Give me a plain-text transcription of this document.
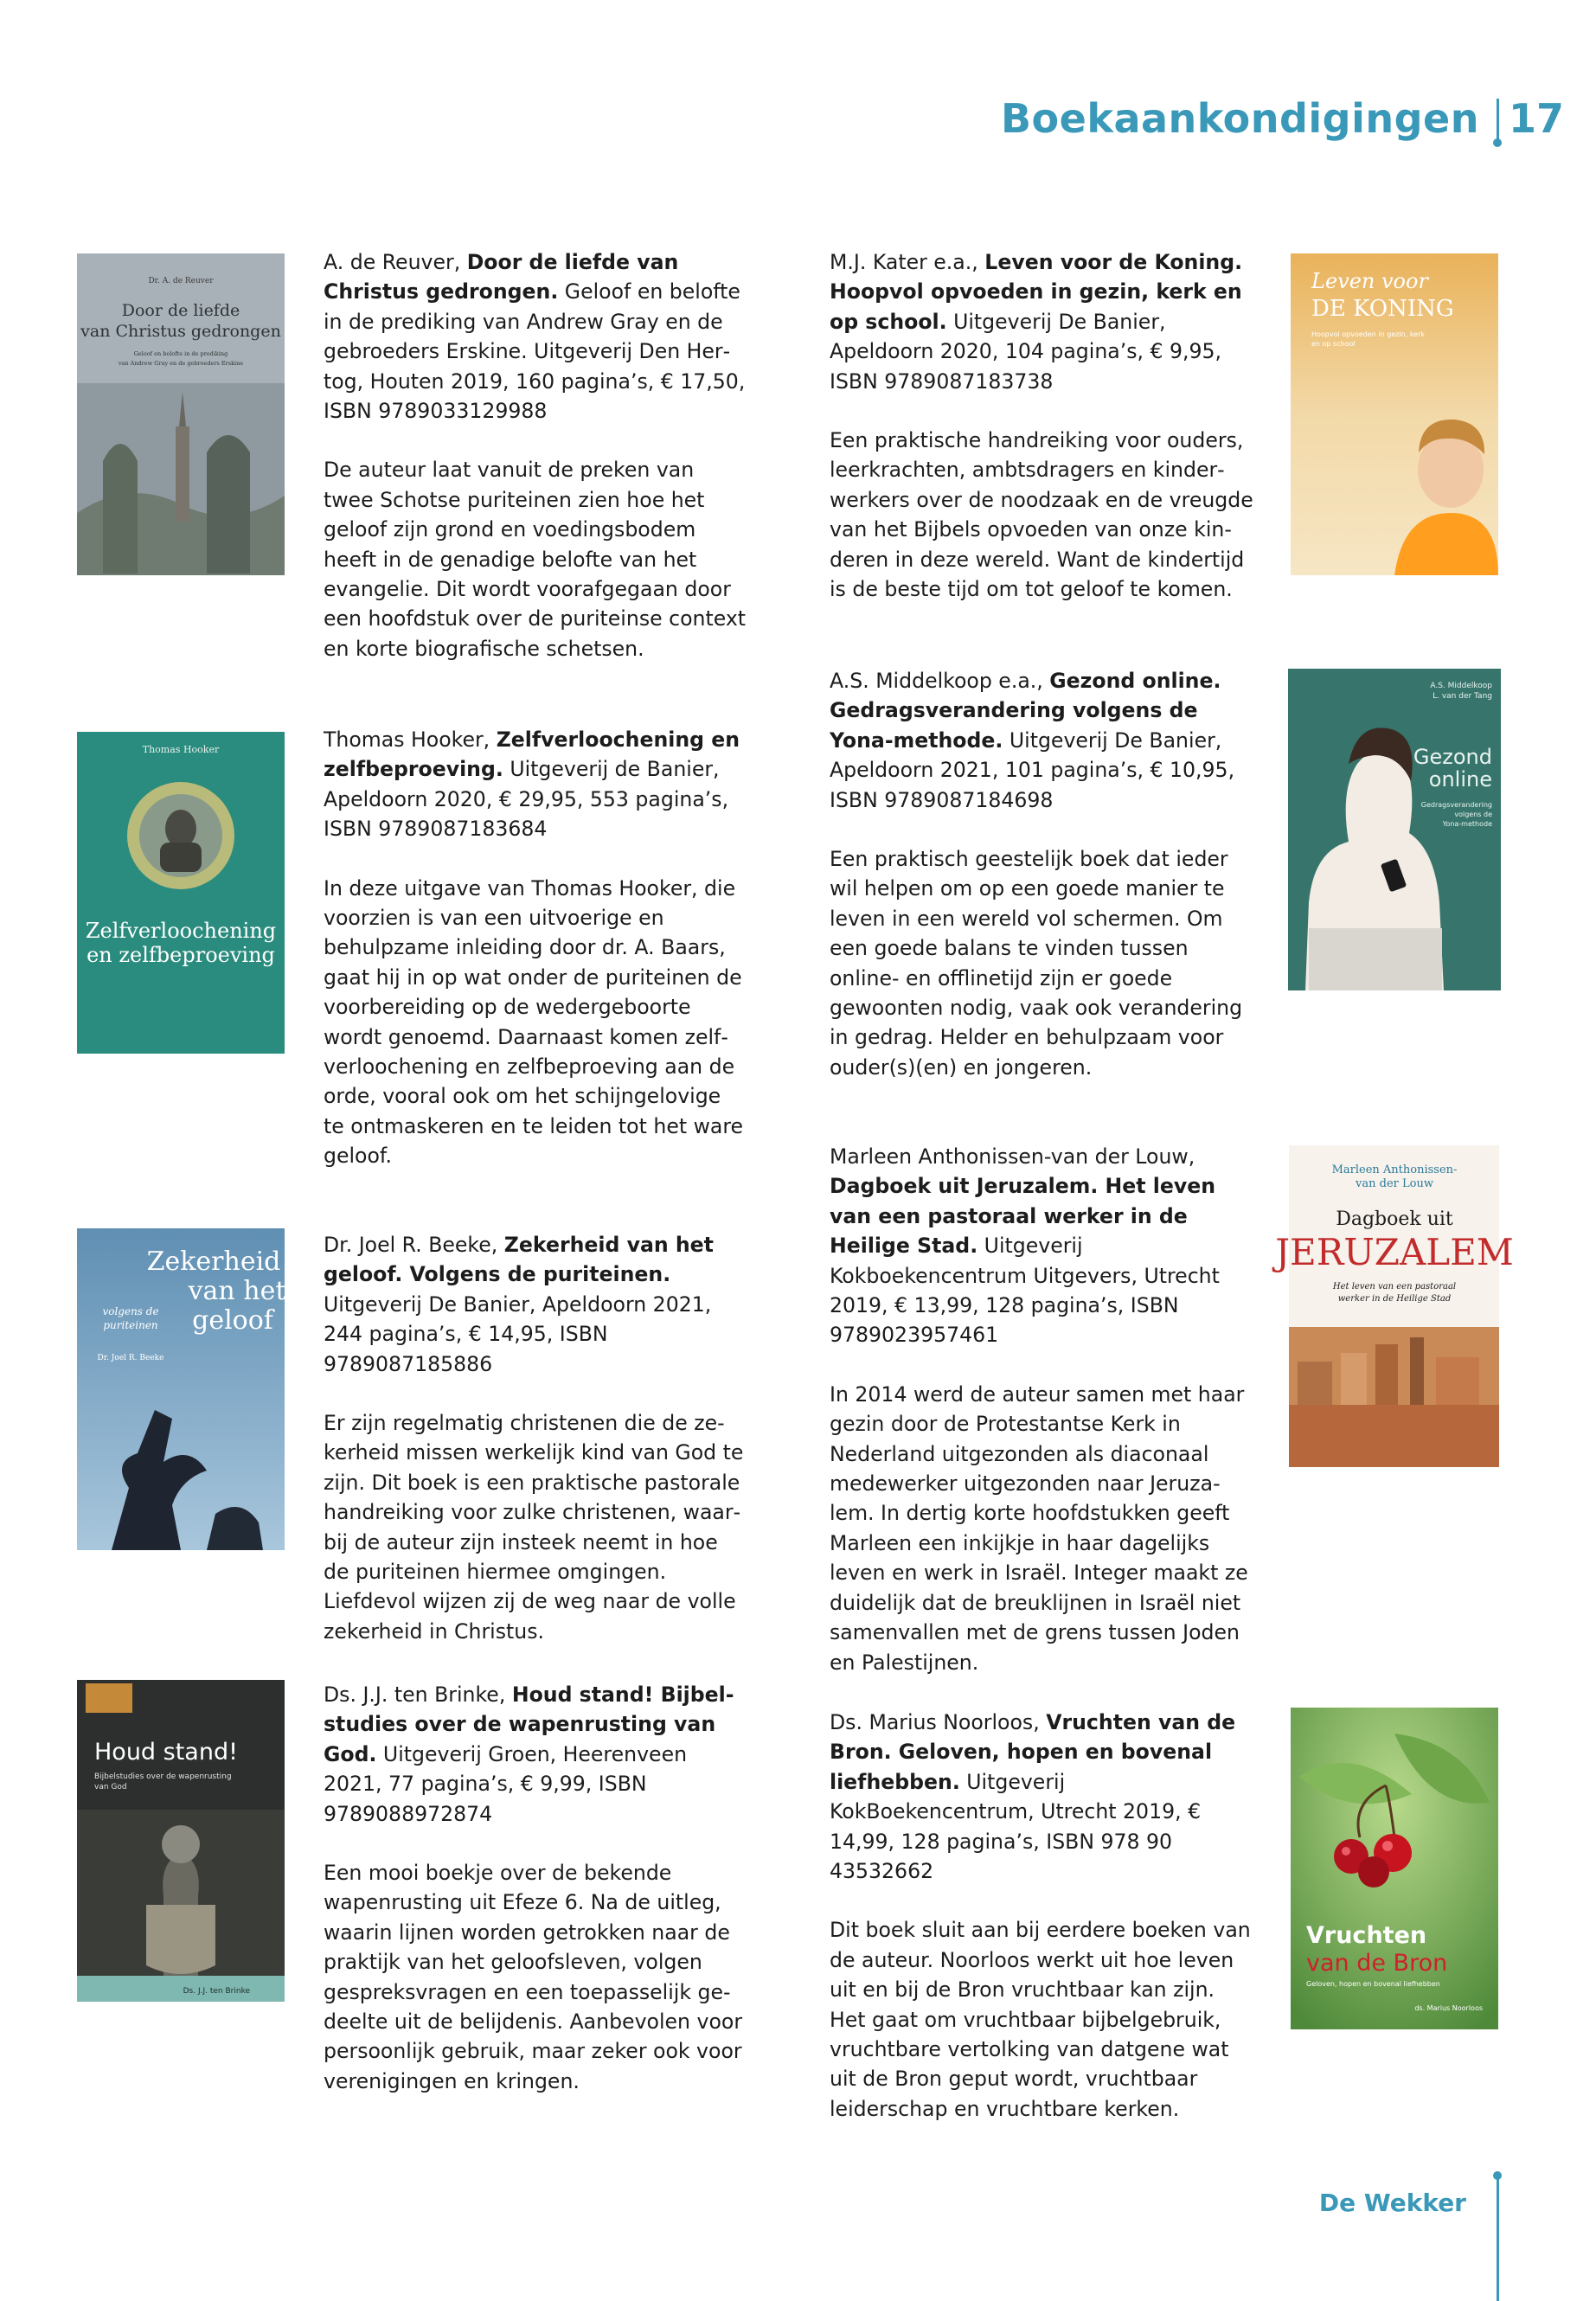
Boekaankondigingen 17
Dr. A. de Reuver
Door de liefde
van Christus gedrongen
Geloof en belofte in de prediking
van Andrew Gray en de gebroeders Erskine

A. de Reuver, Door de liefde van Christus gedrongen. Geloof en belofte in de prediking van Andrew Gray en de gebroeders Erskine. Uitgeverij Den Hertog, Houten 2019, 160 pagina’s, € 17,50, ISBN 9789033129988

De auteur laat vanuit de preken van twee Schotse puriteinen zien hoe het geloof zijn grond en voedingsbodem heeft in de genadige belofte van het evangelie. Dit wordt voorafgegaan door een hoofdstuk over de puriteinse context en korte biografische schetsen.

Thomas Hooker
Zelfverloochening
en zelfbeproeving

Thomas Hooker, Zelfverloochening en zelfbeproeving. Uitgeverij de Banier, Apeldoorn 2020, € 29,95, 553 pagina’s, ISBN 9789087183684

In deze uitgave van Thomas Hooker, die voorzien is van een uitvoerige en behulpzame inleiding door dr. A. Baars, gaat hij in op wat onder de puriteinen de voorbereiding op de wedergeboorte wordt genoemd. Daarnaast komen zelfverloochening en zelfbeproeving aan de orde, vooral ook om het schijngelovige te ontmaskeren en te leiden tot het ware geloof.

Zekerheid
van het
geloof
volgens de
puriteinen
Dr. Joel R. Beeke

Dr. Joel R. Beeke, Zekerheid van het geloof. Volgens de puriteinen. Uitgeverij De Banier, Apeldoorn 2021, 244 pagina’s, € 14,95, ISBN 9789087185886

Er zijn regelmatig christenen die de zekerheid missen werkelijk kind van God te zijn. Dit boek is een praktische pastorale handreiking voor zulke christenen, waarbij de auteur zijn insteek neemt in hoe de puriteinen hiermee omgingen. Liefdevol wijzen zij de weg naar de volle zekerheid in Christus.

Houd stand!
Bijbelstudies over de wapenrusting
van God
Ds. J.J. ten Brinke

Ds. J.J. ten Brinke, Houd stand! Bijbelstudies over de wapenrusting van God. Uitgeverij Groen, Heerenveen 2021, 77 pagina’s, € 9,99, ISBN 9789088972874

Een mooi boekje over de bekende wapenrusting uit Efeze 6. Na de uitleg, waarin lijnen worden getrokken naar de praktijk van het geloofsleven, volgen gespreksvragen en een toepasselijk gedeelte uit de belijdenis. Aanbevolen voor persoonlijk gebruik, maar zeker ook voor verenigingen en kringen.

M.J. Kater e.a., Leven voor de Koning. Hoopvol opvoeden in gezin, kerk en op school. Uitgeverij De Banier, Apeldoorn 2020, 104 pagina’s, € 9,95, ISBN 9789087183738

Een praktische handreiking voor ouders, leerkrachten, ambtsdragers en kinderwerkers over de noodzaak en de vreugde van het Bijbels opvoeden van onze kinderen in deze wereld. Want de kindertijd is de beste tijd om tot geloof te komen.

Leven voor
DE KONING
Hoopvol opvoeden in gezin, kerk
en op school

A.S. Middelkoop e.a., Gezond online. Gedragsverandering volgens de Yona-methode. Uitgeverij De Banier, Apeldoorn 2021, 101 pagina’s, € 10,95, ISBN 9789087184698

Een praktisch geestelijk boek dat ieder wil helpen om op een goede manier te leven in een wereld vol schermen. Om een goede balans te vinden tussen online- en offlinetijd zijn er goede gewoonten nodig, vaak ook verandering in gedrag. Helder en behulpzaam voor ouder(s)(en) en jongeren.

A.S. Middelkoop
L. van der Tang
Gezond
online
Gedragsverandering
volgens de
Yona-methode

Marleen Anthonissen-van der Louw, Dagboek uit Jeruzalem. Het leven van een pastoraal werker in de Heilige Stad. Uitgeverij Kokboekencentrum Uitgevers, Utrecht 2019, € 13,99, 128 pagina’s, ISBN 9789023957461

In 2014 werd de auteur samen met haar gezin door de Protestantse Kerk in Nederland uitgezonden als diaconaal medewerker uitgezonden naar Jeruzalem. In dertig korte hoofdstukken geeft Marleen een inkijkje in haar dagelijks leven en werk in Israël. Integer maakt ze duidelijk dat de breuklijnen in Israël niet samenvallen met de grens tussen Joden en Palestijnen.

Marleen Anthonissen-
van der Louw
Dagboek uit
JERUZALEM
Het leven van een pastoraal
werker in de Heilige Stad

Ds. Marius Noorloos, Vruchten van de Bron. Geloven, hopen en bovenal liefhebben. Uitgeverij KokBoekencentrum, Utrecht 2019, € 14,99, 128 pagina’s, ISBN 978 90 43532662

Dit boek sluit aan bij eerdere boeken van de auteur. Noorloos werkt uit hoe leven uit en bij de Bron vruchtbaar kan zijn. Het gaat om vruchtbaar bijbelgebruik, vruchtbare vertolking van datgene wat uit de Bron geput wordt, vruchtbaar leiderschap en vruchtbare kerken.

Vruchten
van de Bron
Geloven, hopen en bovenal liefhebben
ds. Marius Noorloos
De Wekker
